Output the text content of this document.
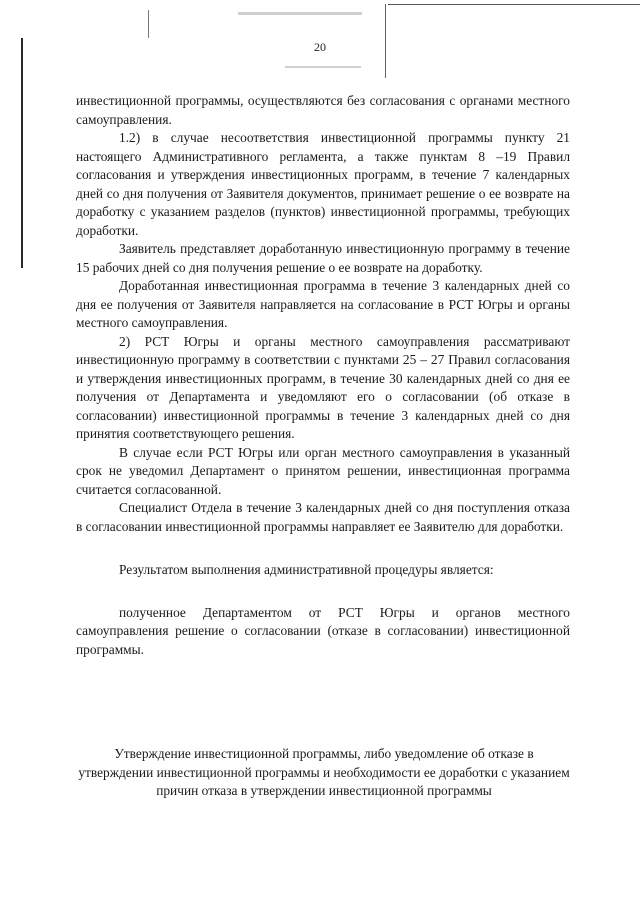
20

инвестиционной программы, осуществляются без согласования с органами местного самоуправления.

1.2) в случае несоответствия инвестиционной программы пункту 21 настоящего Административного регламента, а также пунктам 8 –19 Правил согласования и утверждения инвестиционных программ, в течение 7 календарных дней со дня получения от Заявителя документов, принимает решение о ее возврате на доработку с указанием разделов (пунктов) инвестиционной программы, требующих доработки.

Заявитель представляет доработанную инвестиционную программу в течение 15 рабочих дней со дня получения решение о ее возврате на доработку.

Доработанная инвестиционная программа в течение 3 календарных дней со дня ее получения от Заявителя направляется на согласование в РСТ Югры и органы местного самоуправления.

2) РСТ Югры и органы местного самоуправления рассматривают инвестиционную программу в соответствии с пунктами 25 – 27 Правил согласования и утверждения инвестиционных программ, в течение 30 календарных дней со дня ее получения от Департамента и уведомляют его о согласовании (об отказе в согласовании) инвестиционной программы в течение 3 календарных дней со дня принятия соответствующего решения.

В случае если РСТ Югры или орган местного самоуправления в указанный срок не уведомил Департамент о принятом решении, инвестиционная программа считается согласованной.

Специалист Отдела в течение 3 календарных дней со дня поступления отказа в согласовании инвестиционной программы направляет ее Заявителю для доработки.

Результатом выполнения административной процедуры является:

полученное Департаментом от РСТ Югры и органов местного самоуправления решение о согласовании (отказе в согласовании) инвестиционной программы.

Утверждение инвестиционной программы, либо уведомление об отказе в утверждении инвестиционной программы и необходимости ее доработки с указанием причин отказа в утверждении инвестиционной программы
